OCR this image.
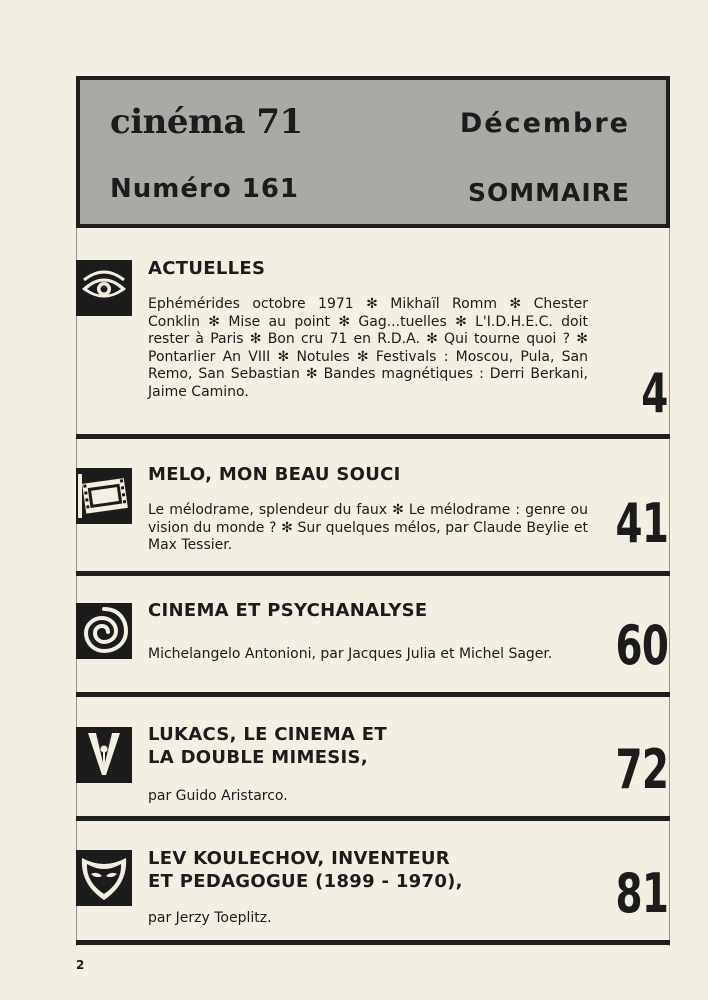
cinéma 71	Décembre
Numéro 161	SOMMAIRE
ACTUELLES
Ephémérides octobre 1971 ✻ Mikhaïl Romm ✻ Chester Conklin ✻ Mise au point ✻ Gag...tuelles ✻ L'I.D.H.E.C. doit rester à Paris ✻ Bon cru 71 en R.D.A. ✻ Qui tourne quoi ? ✻ Pontarlier An VIII ✻ Notules ✻ Festivals : Moscou, Pula, San Remo, San Sebastian ✻ Bandes magnétiques : Derri Berkani, Jaime Camino.	4
MELO, MON BEAU SOUCI
Le mélodrame, splendeur du faux ✻ Le mélodrame : genre ou vision du monde ? ✻ Sur quelques mélos, par Claude Beylie et Max Tessier.	41
CINEMA ET PSYCHANALYSE
Michelangelo Antonioni, par Jacques Julia et Michel Sager.	60
LUKACS, LE CINEMA ET
LA DOUBLE MIMESIS,
par Guido Aristarco.	72
LEV KOULECHOV, INVENTEUR
ET PEDAGOGUE (1899 - 1970),
par Jerzy Toeplitz.	81
2
